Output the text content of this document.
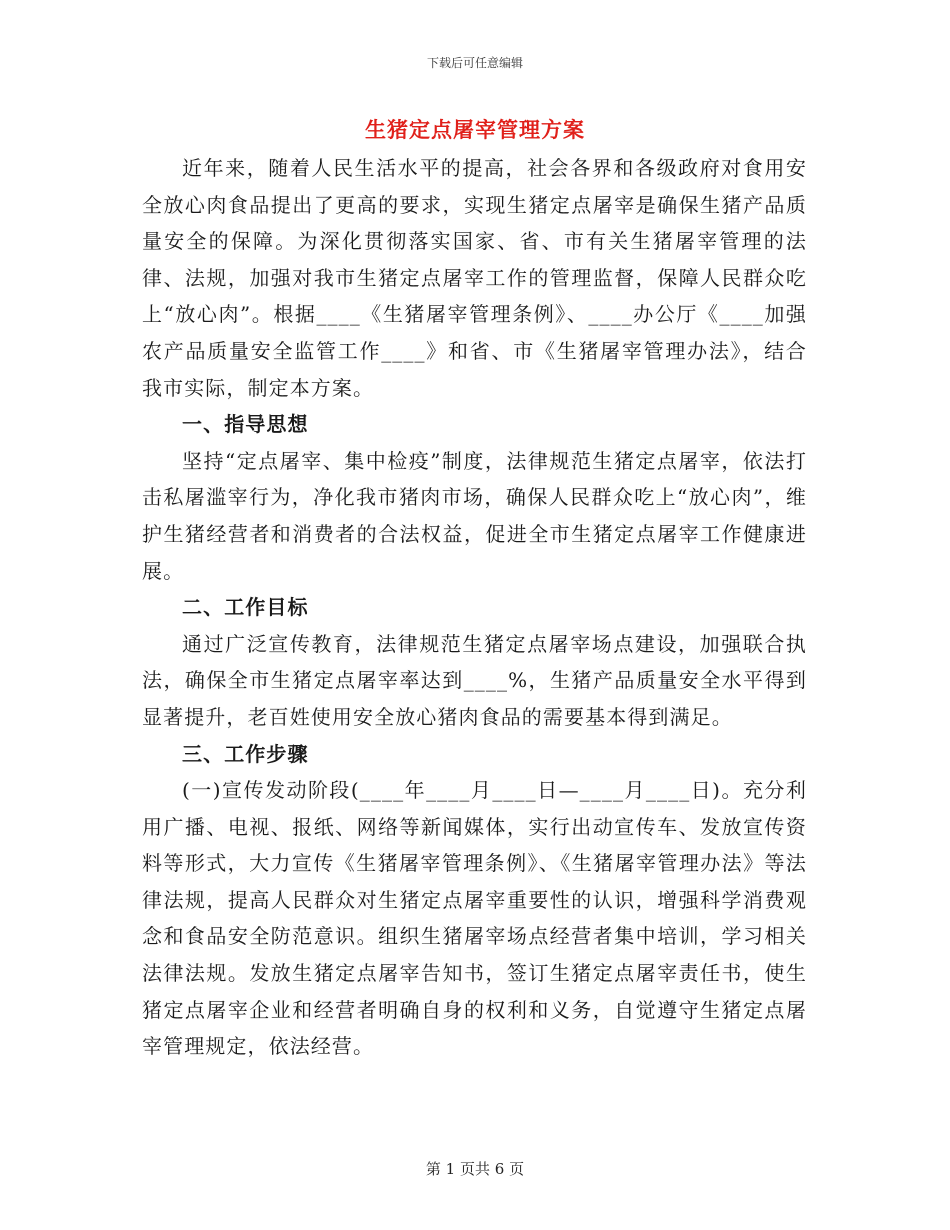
下载后可任意编辑
生猪定点屠宰管理方案

近年来，随着人民生活水平的提高，社会各界和各级政府对食用安全放心肉食品提出了更高的要求，实现生猪定点屠宰是确保生猪产品质量安全的保障。为深化贯彻落实国家、省、市有关生猪屠宰管理的法律、法规，加强对我市生猪定点屠宰工作的管理监督，保障人民群众吃上“放心肉”。根据____《生猪屠宰管理条例》、____办公厅《____加强农产品质量安全监管工作____》和省、市《生猪屠宰管理办法》，结合我市实际，制定本方案。

一、指导思想

坚持“定点屠宰、集中检疫”制度，法律规范生猪定点屠宰，依法打击私屠滥宰行为，净化我市猪肉市场，确保人民群众吃上“放心肉”，维护生猪经营者和消费者的合法权益，促进全市生猪定点屠宰工作健康进展。

二、工作目标

通过广泛宣传教育，法律规范生猪定点屠宰场点建设，加强联合执法，确保全市生猪定点屠宰率达到____%，生猪产品质量安全水平得到显著提升，老百姓使用安全放心猪肉食品的需要基本得到满足。

三、工作步骤

(一)宣传发动阶段(____年____月____日—____月____日)。充分利用广播、电视、报纸、网络等新闻媒体，实行出动宣传车、发放宣传资料等形式，大力宣传《生猪屠宰管理条例》、《生猪屠宰管理办法》等法律法规，提高人民群众对生猪定点屠宰重要性的认识，增强科学消费观念和食品安全防范意识。组织生猪屠宰场点经营者集中培训，学习相关法律法规。发放生猪定点屠宰告知书，签订生猪定点屠宰责任书，使生猪定点屠宰企业和经营者明确自身的权利和义务，自觉遵守生猪定点屠宰管理规定，依法经营。

第 1 页共 6 页
